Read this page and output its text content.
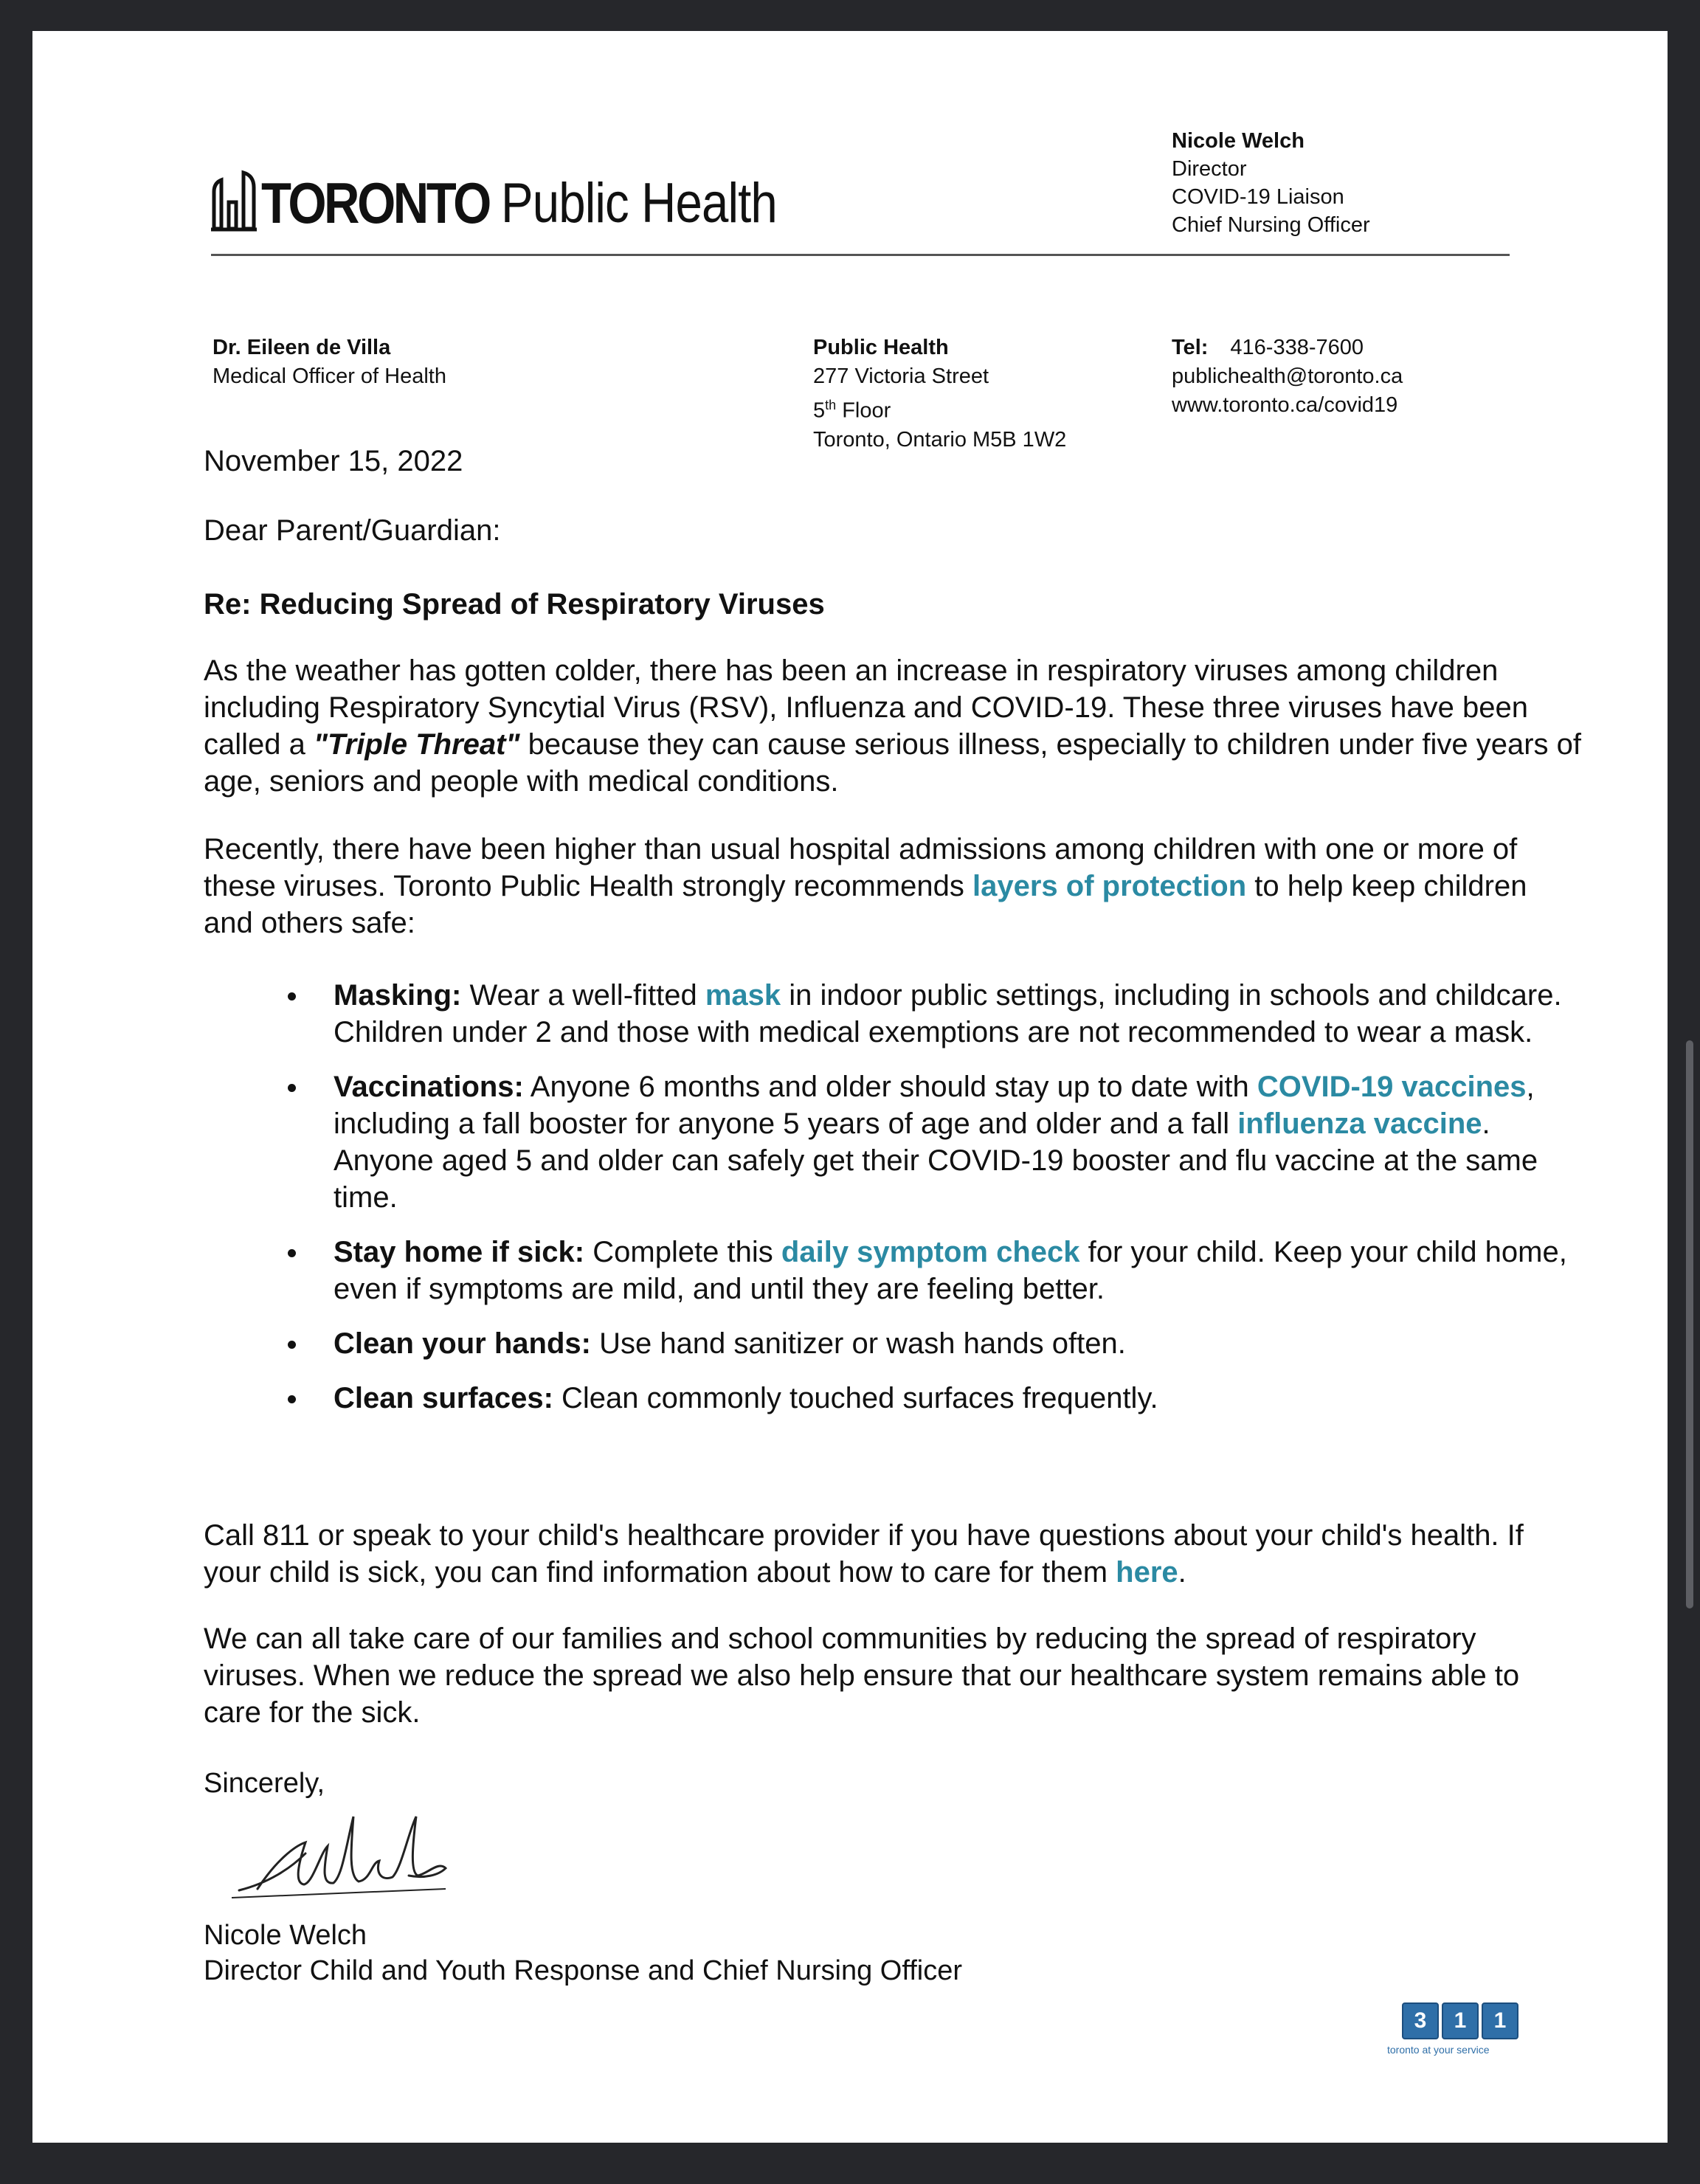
TORONTO Public Health
Nicole Welch
Director
COVID-19 Liaison
Chief Nursing Officer
Dr. Eileen de Villa
Medical Officer of Health
Public Health
277 Victoria Street
5th Floor
Toronto, Ontario M5B 1W2
Tel: 416-338-7600
publichealth@toronto.ca
www.toronto.ca/covid19
November 15, 2022
Dear Parent/Guardian:
Re: Reducing Spread of Respiratory Viruses

As the weather has gotten colder, there has been an increase in respiratory viruses among children including Respiratory Syncytial Virus (RSV), Influenza and COVID-19. These three viruses have been called a "Triple Threat" because they can cause serious illness, especially to children under five years of age, seniors and people with medical conditions.

Recently, there have been higher than usual hospital admissions among children with one or more of these viruses. Toronto Public Health strongly recommends layers of protection to help keep children and others safe:

Masking: Wear a well-fitted mask in indoor public settings, including in schools and childcare. Children under 2 and those with medical exemptions are not recommended to wear a mask.
Vaccinations: Anyone 6 months and older should stay up to date with COVID-19 vaccines, including a fall booster for anyone 5 years of age and older and a fall influenza vaccine. Anyone aged 5 and older can safely get their COVID-19 booster and flu vaccine at the same time.
Stay home if sick: Complete this daily symptom check for your child. Keep your child home, even if symptoms are mild, and until they are feeling better.
Clean your hands: Use hand sanitizer or wash hands often.
Clean surfaces: Clean commonly touched surfaces frequently.

Call 811 or speak to your child's healthcare provider if you have questions about your child's health. If your child is sick, you can find information about how to care for them here.

We can all take care of our families and school communities by reducing the spread of respiratory viruses. When we reduce the spread we also help ensure that our healthcare system remains able to care for the sick.

Sincerely,
Nicole Welch
Director Child and Youth Response and Chief Nursing Officer
3	1	1
toronto at your service
